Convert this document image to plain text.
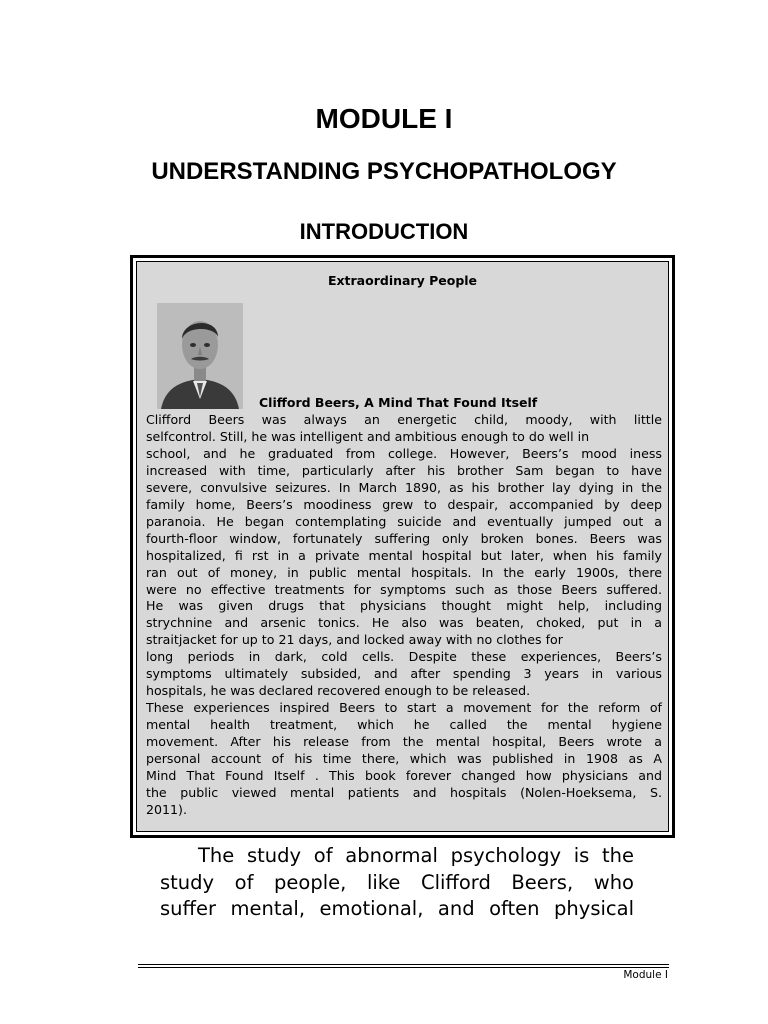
MODULE I
UNDERSTANDING PSYCHOPATHOLOGY
INTRODUCTION
Extraordinary People
Clifford Beers, A Mind That Found Itself
Clifford Beers was always an energetic child, moody, with little
selfcontrol. Still, he was intelligent and ambitious enough to do well in
school, and he graduated from college. However, Beers’s mood iness
increased with time, particularly after his brother Sam began to have
severe, convulsive seizures. In March 1890, as his brother lay dying in the
family home, Beers’s moodiness grew to despair, accompanied by deep
paranoia. He began contemplating suicide and eventually jumped out a
fourth-floor window, fortunately suffering only broken bones. Beers was
hospitalized, fi rst in a private mental hospital but later, when his family
ran out of money, in public mental hospitals. In the early 1900s, there
were no effective treatments for symptoms such as those Beers suffered.
He was given drugs that physicians thought might help, including
strychnine and arsenic tonics. He also was beaten, choked, put in a
straitjacket for up to 21 days, and locked away with no clothes for
long periods in dark, cold cells. Despite these experiences, Beers’s
symptoms ultimately subsided, and after spending 3 years in various
hospitals, he was declared recovered enough to be released.
These experiences inspired Beers to start a movement for the reform of
mental health treatment, which he called the mental hygiene
movement. After his release from the mental hospital, Beers wrote a
personal account of his time there, which was published in 1908 as A
Mind That Found Itself . This book forever changed how physicians and
the public viewed mental patients and hospitals (Nolen-Hoeksema, S.
2011).
The study of abnormal psychology is the
study of people, like Clifford Beers, who
suffer mental, emotional, and often physical
Module I
